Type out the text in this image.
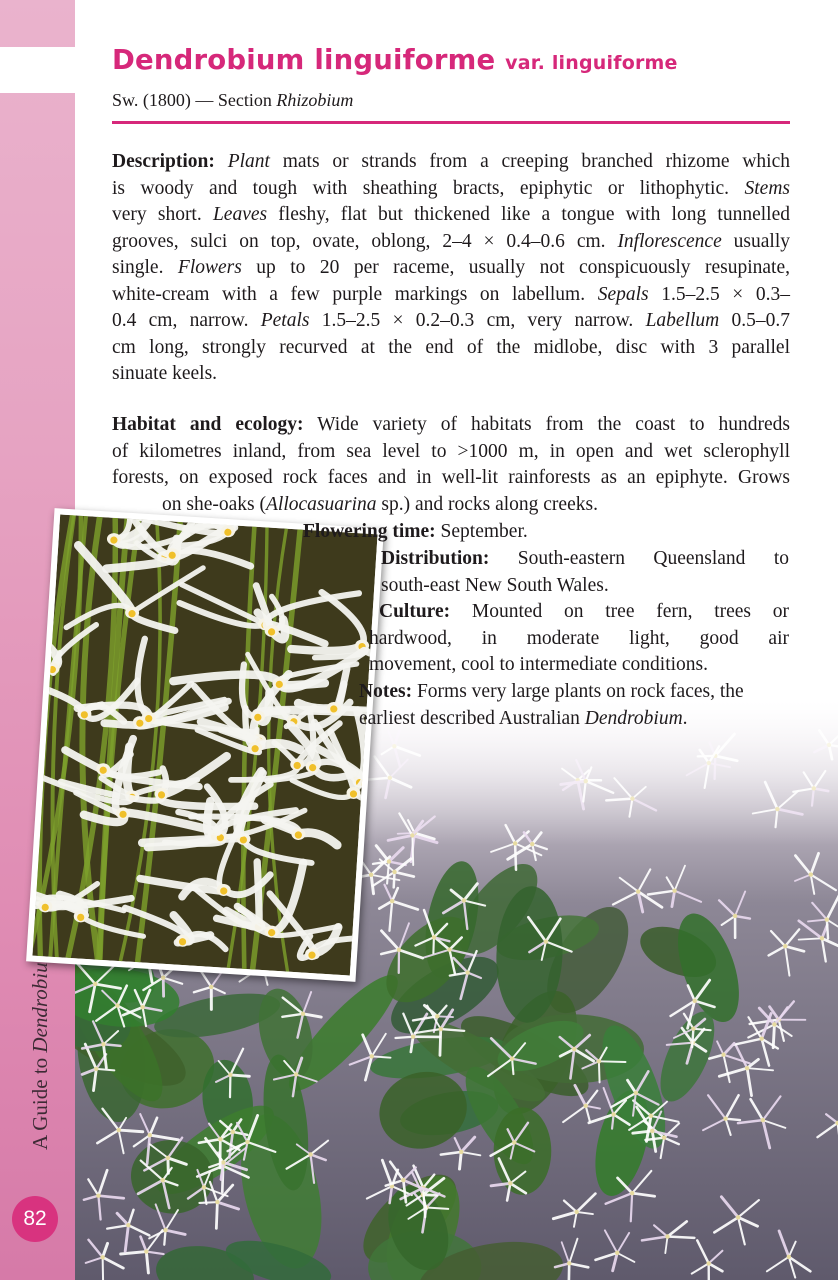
A Guide to Dendrobiu
82
Dendrobium linguiforme var. linguiforme
Sw. (1800) — Section Rhizobium
Description: Plant mats or strands from a creeping branched rhizome which
is woody and tough with sheathing bracts, epiphytic or lithophytic. Stems
very short. Leaves fleshy, flat but thickened like a tongue with long tunnelled
grooves, sulci on top, ovate, oblong, 2–4 × 0.4–0.6 cm. Inflorescence usually
single. Flowers up to 20 per raceme, usually not conspicuously resupinate,
white-cream with a few purple markings on labellum. Sepals 1.5–2.5 × 0.3–
0.4 cm, narrow. Petals 1.5–2.5 × 0.2–0.3 cm, very narrow. Labellum 0.5–0.7
cm long, strongly recurved at the end of the midlobe, disc with 3 parallel
sinuate keels.
Habitat and ecology: Wide variety of habitats from the coast to hundreds
of kilometres inland, from sea level to >1000 m, in open and wet sclerophyll
forests, on exposed rock faces and in well-lit rainforests as an epiphyte. Grows
on she-oaks (Allocasuarina sp.) and rocks along creeks.
Flowering time: September.
Distribution: South-eastern Queensland to
south-east New South Wales.
Culture: Mounted on tree fern, trees or
hardwood, in moderate light, good air
movement, cool to intermediate conditions.
Notes: Forms very large plants on rock faces, the
earliest described Australian Dendrobium.
